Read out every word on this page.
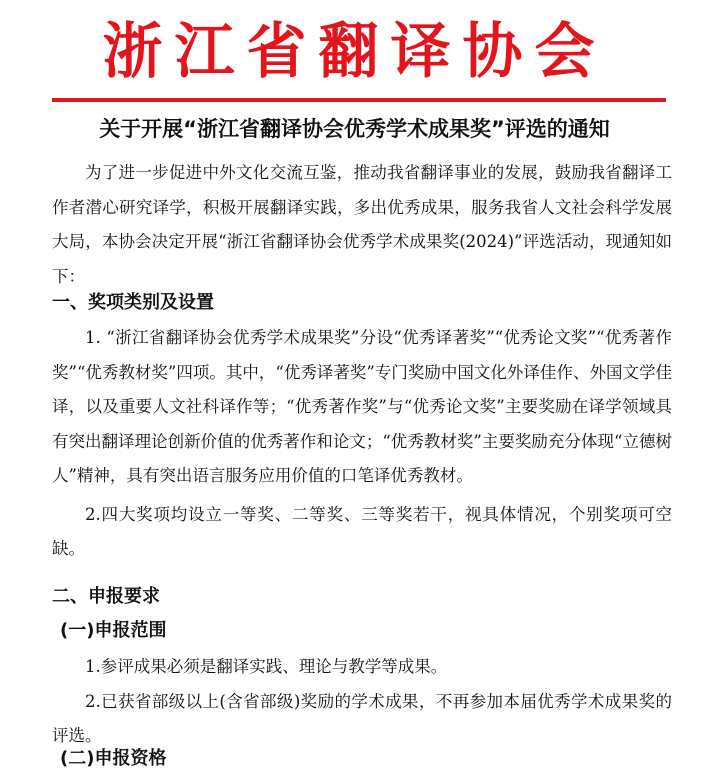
浙江省翻译协会
关于开展“浙江省翻译协会优秀学术成果奖”评选的通知

为了进一步促进中外文化交流互鉴，推动我省翻译事业的发展，鼓励我省翻译工作者潜心研究译学，积极开展翻译实践，多出优秀成果，服务我省人文社会科学发展大局，本协会决定开展“浙江省翻译协会优秀学术成果奖(2024)”评选活动，现通知如下：

一、奖项类别及设置

1. “浙江省翻译协会优秀学术成果奖”分设“优秀译著奖”“优秀论文奖”“优秀著作奖”“优秀教材奖”四项。其中，“优秀译著奖”专门奖励中国文化外译佳作、外国文学佳译，以及重要人文社科译作等；“优秀著作奖”与“优秀论文奖”主要奖励在译学领域具有突出翻译理论创新价值的优秀著作和论文；“优秀教材奖”主要奖励充分体现“立德树人”精神，具有突出语言服务应用价值的口笔译优秀教材。

2.四大奖项均设立一等奖、二等奖、三等奖若干，视具体情况，个别奖项可空缺。

二、申报要求
(一)申报范围

1.参评成果必须是翻译实践、理论与教学等成果。

2.已获省部级以上(含省部级)奖励的学术成果，不再参加本届优秀学术成果奖的评选。

(二)申报资格
